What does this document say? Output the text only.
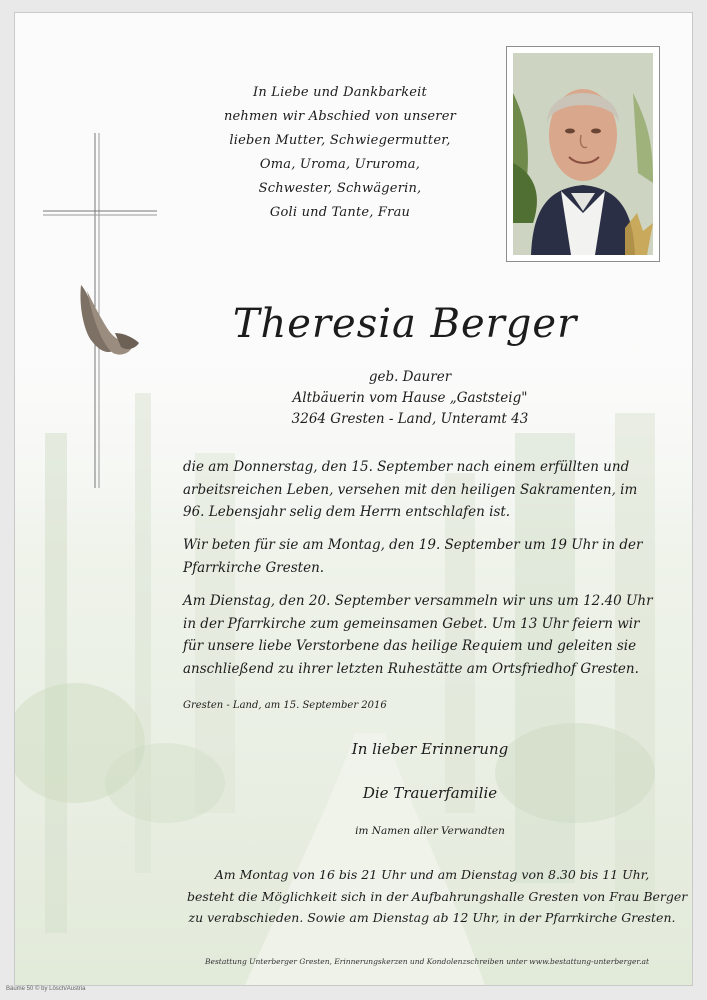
In Liebe und Dankbarkeit
nehmen wir Abschied von unserer
lieben Mutter, Schwiegermutter,
Oma, Uroma, Ururoma,
Schwester, Schwägerin,
Goli und Tante, Frau
Theresia Berger
geb. Daurer
Altbäuerin vom Hause „Gaststeig"
3264 Gresten - Land, Unteramt 43
die am Donnerstag, den 15. September nach einem erfüllten und arbeitsreichen Leben, versehen mit den heiligen Sakramenten, im 96. Lebensjahr selig dem Herrn entschlafen ist.
Wir beten für sie am Montag, den 19. September um 19 Uhr in der Pfarrkirche Gresten.
Am Dienstag, den 20. September versammeln wir uns um 12.40 Uhr in der Pfarrkirche zum gemeinsamen Gebet. Um 13 Uhr feiern wir für unsere liebe Verstorbene das heilige Requiem und geleiten sie anschließend zu ihrer letzten Ruhestätte am Ortsfriedhof Gresten.
Gresten - Land, am 15. September 2016
In lieber Erinnerung
Die Trauerfamilie
im Namen aller Verwandten
Am Montag von 16 bis 21 Uhr und am Dienstag von 8.30 bis 11 Uhr,
besteht die Möglichkeit sich in der Aufbahrungshalle Gresten von Frau Berger
zu verabschieden. Sowie am Dienstag ab 12 Uhr, in der Pfarrkirche Gresten.
Bestattung Unterberger Gresten, Erinnerungskerzen und Kondolenzschreiben unter www.bestattung-unterberger.at
Bäume 50 © by Lösch/Austria
